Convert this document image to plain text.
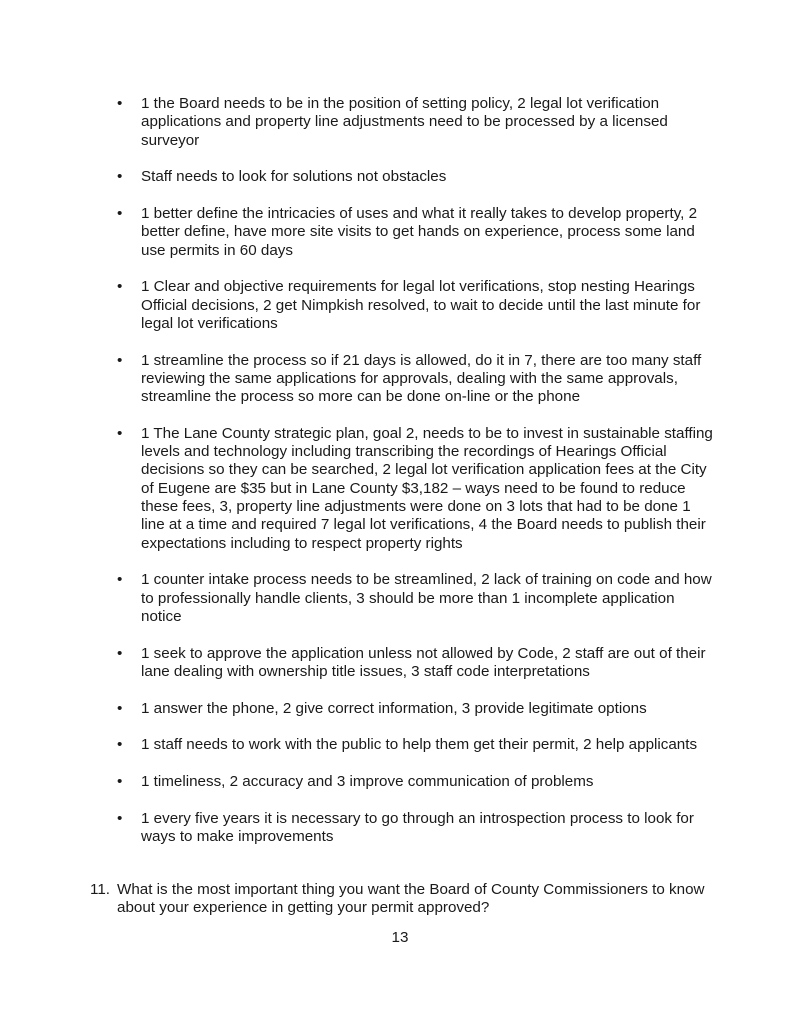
•	1 the Board needs to be in the position of setting policy, 2 legal lot verification applications and property line adjustments need to be processed by a licensed surveyor
•	Staff needs to look for solutions not obstacles
•	1 better define the intricacies of uses and what it really takes to develop property, 2 better define, have more site visits to get hands on experience, process some land use permits in 60 days
•	1 Clear and objective requirements for legal lot verifications, stop nesting Hearings Official decisions, 2 get Nimpkish resolved, to wait to decide until the last minute for legal lot verifications
•	1 streamline the process so if 21 days is allowed, do it in 7, there are too many staff reviewing the same applications for approvals, dealing with the same approvals, streamline the process so more can be done on-line or the phone
•	1 The Lane County strategic plan, goal 2, needs to be to invest in sustainable staffing levels and technology including transcribing the recordings of Hearings Official decisions so they can be searched, 2 legal lot verification application fees at the City of Eugene are $35 but in Lane County $3,182 – ways need to be found to reduce these fees, 3, property line adjustments were done on 3 lots that had to be done 1 line at a time and required 7 legal lot verifications, 4 the Board needs to publish their expectations including to respect property rights
•	1 counter intake process needs to be streamlined, 2 lack of training on code and how to professionally handle clients, 3 should be more than 1 incomplete application notice
•	1 seek to approve the application unless not allowed by Code, 2 staff are out of their lane dealing with ownership title issues, 3 staff code interpretations
•	1 answer the phone, 2 give correct information, 3 provide legitimate options
•	1 staff needs to work with the public to help them get their permit, 2 help applicants
•	1 timeliness, 2 accuracy and 3 improve communication of problems
•	1 every five years it is necessary to go through an introspection process to look for ways to make improvements
11. What is the most important thing you want the Board of County Commissioners to know about your experience in getting your permit approved?
13
